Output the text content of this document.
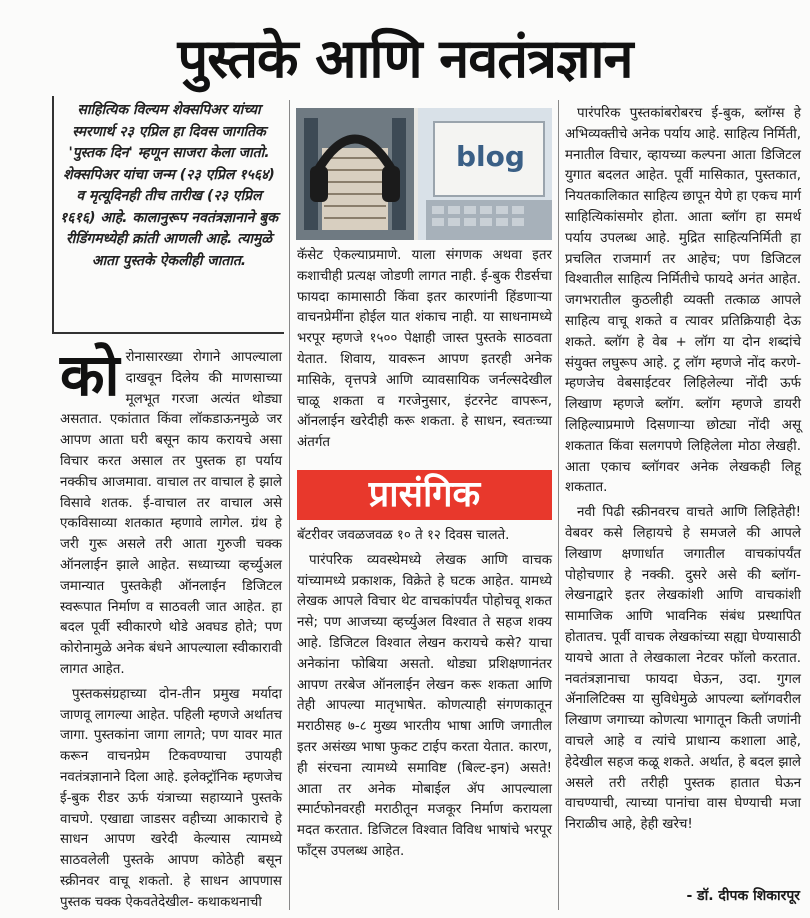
पुस्तके आणि नवतंत्रज्ञान
साहित्यिक विल्यम शेक्सपिअर यांच्या स्मरणार्थ २३ एप्रिल हा दिवस जागतिक 'पुस्तक दिन' म्हणून साजरा केला जातो. शेक्सपिअर यांचा जन्म (२३ एप्रिल १५६४) व मृत्यूदिनही तीच तारीख (२३ एप्रिल १६१६) आहे. कालानुरूप नवतंत्रज्ञानाने बुक रीडिंगमध्येही क्रांती आणली आहे. त्यामुळे आता पुस्तके ऐकलीही जातात.

कोरोनासारख्या रोगाने आपल्याला दाखवून दिलेय की माणसाच्या मूलभूत गरजा अत्यंत थोड्या असतात. एकांतात किंवा लॉकडाऊनमुळे जर आपण आता घरी बसून काय करायचे असा विचार करत असाल तर पुस्तक हा पर्याय नक्कीच आजमावा. वाचाल तर वाचाल हे झाले विसावे शतक. ई-वाचाल तर वाचाल असे एकविसाव्या शतकात म्हणावे लागेल. ग्रंथ हे जरी गुरू असले तरी आता गुरुजी चक्क ऑनलाईन झाले आहेत. सध्याच्या व्हर्च्युअल जमान्यात पुस्तकेही ऑनलाईन डिजिटल स्वरूपात निर्माण व साठवली जात आहेत. हा बदल पूर्वी स्वीकारणे थोडे अवघड होते; पण कोरोनामुळे अनेक बंधने आपल्याला स्वीकारावी लागत आहेत.

पुस्तकसंग्रहाच्या दोन-तीन प्रमुख मर्यादा जाणवू लागल्या आहेत. पहिली म्हणजे अर्थातच जागा. पुस्तकांना जागा लागते; पण यावर मात करून वाचनप्रेम टिकवण्याचा उपायही नवतंत्रज्ञानाने दिला आहे. इलेक्ट्रॉनिक म्हणजेच ई-बुक रीडर ऊर्फ यंत्राच्या सहाय्याने पुस्तके वाचणे. एखाद्या जाडसर वहीच्या आकाराचे हे साधन आपण खरेदी केल्यास त्यामध्ये साठवलेली पुस्तके आपण कोठेही बसून स्क्रीनवर वाचू शकतो. हे साधन आपणास पुस्तक चक्क ऐकवतेदेखील- कथाकथनाची

blog

कॅसेट ऐकल्याप्रमाणे. याला संगणक अथवा इतर कशाचीही प्रत्यक्ष जोडणी लागत नाही. ई-बुक रीडर्सचा फायदा कामासाठी किंवा इतर कारणांनी हिंडणाऱ्या वाचनप्रेमींना होईल यात शंकाच नाही. या साधनामध्ये भरपूर म्हणजे १५०० पेक्षाही जास्त पुस्तके साठवता येतात. शिवाय, यावरून आपण इतरही अनेक मासिके, वृत्तपत्रे आणि व्यावसायिक जर्नल्सदेखील चाळू शकता व गरजेनुसार, इंटरनेट वापरून, ऑनलाईन खरेदीही करू शकता. हे साधन, स्वतःच्या अंतर्गत

प्रासंगिक

बॅटरीवर जवळजवळ १० ते १२ दिवस चालते.

पारंपरिक व्यवस्थेमध्ये लेखक आणि वाचक यांच्यामध्ये प्रकाशक, विक्रेते हे घटक आहेत. यामध्ये लेखक आपले विचार थेट वाचकांपर्यंत पोहोचवू शकत नसे; पण आजच्या व्हर्च्युअल विश्वात ते सहज शक्य आहे. डिजिटल विश्वात लेखन करायचे कसे? याचा अनेकांना फोबिया असतो. थोड्या प्रशिक्षणानंतर आपण तरबेज ऑनलाईन लेखन करू शकता आणि तेही आपल्या मातृभाषेत. कोणत्याही संगणकातून मराठीसह ७-८ मुख्य भारतीय भाषा आणि जगातील इतर असंख्य भाषा फुकट टाईप करता येतात. कारण, ही संरचना त्यामध्ये समाविष्ट (बिल्ट-इन) असते! आता तर अनेक मोबाईल ॲप आपल्याला स्मार्टफोनवरही मराठीतून मजकूर निर्माण करायला मदत करतात. डिजिटल विश्वात विविध भाषांचे भरपूर फाँट्स उपलब्ध आहेत.

पारंपरिक पुस्तकांबरोबरच ई-बुक, ब्लॉग्स हे अभिव्यक्तीचे अनेक पर्याय आहे. साहित्य निर्मिती, मनातील विचार, व्हायच्या कल्पना आता डिजिटल युगात बदलत आहेत. पूर्वी मासिकात, पुस्तकात, नियतकालिकात साहित्य छापून येणे हा एकच मार्ग साहित्यिकांसमोर होता. आता ब्लॉग हा समर्थ पर्याय उपलब्ध आहे. मुद्रित साहित्यनिर्मिती हा प्रचलित राजमार्ग तर आहेच; पण डिजिटल विश्वातील साहित्य निर्मितीचे फायदे अनंत आहेत. जगभरातील कुठलीही व्यक्ती तत्काळ आपले साहित्य वाचू शकते व त्यावर प्रतिक्रियाही देऊ शकते. ब्लॉग हे वेब + लॉग या दोन शब्दांचे संयुक्त लघुरूप आहे. ट्र लॉग म्हणजे नोंद करणे- म्हणजेच वेबसाईटवर लिहिलेल्या नोंदी ऊर्फ लिखाण म्हणजे ब्लॉग. ब्लॉग म्हणजे डायरी लिहिल्याप्रमाणे दिसणाऱ्या छोट्या नोंदी असू शकतात किंवा सलगपणे लिहिलेला मोठा लेखही. आता एकाच ब्लॉगवर अनेक लेखकही लिहू शकतात.

नवी पिढी स्क्रीनवरच वाचते आणि लिहितेही! वेबवर कसे लिहायचे हे समजले की आपले लिखाण क्षणार्धात जगातील वाचकांपर्यंत पोहोचणार हे नक्की. दुसरे असे की ब्लॉग-लेखनाद्वारे इतर लेखकांशी आणि वाचकांशी सामाजिक आणि भावनिक संबंध प्रस्थापित होतातच. पूर्वी वाचक लेखकांच्या सह्या घेण्यासाठी यायचे आता ते लेखकाला नेटवर फॉलो करतात. नवतंत्रज्ञानाचा फायदा घेऊन, उदा. गुगल ॲनालिटिक्स या सुविधेमुळे आपल्या ब्लॉगवरील लिखाण जगाच्या कोणत्या भागातून किती जणांनी वाचले आहे व त्यांचे प्राधान्य कशाला आहे, हेदेखील सहज कळू शकते. अर्थात, हे बदल झाले असले तरी तरीही पुस्तक हातात घेऊन वाचण्याची, त्याच्या पानांचा वास घेण्याची मजा निराळीच आहे, हेही खरेच!

- डॉ. दीपक शिकारपूर
